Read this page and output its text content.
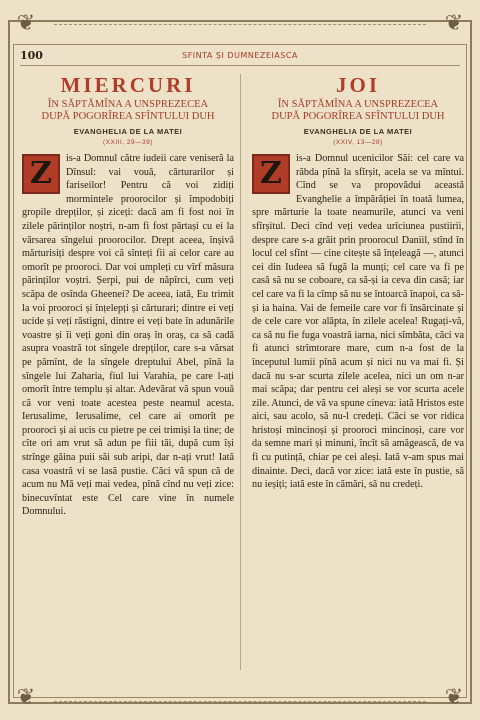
❦	❦
❦	❦
100	SFINTA ȘI DUMNEZEIASCA
MIERCURI
ÎN SĂPTĂMÎNA A UNSPREZECEA
DUPĂ POGORÎREA SFÎNTULUI DUH
EVANGHELIA DE LA MATEI
(XXIII, 29—39)

Z	is-a Domnul către iudeii care veniseră la Dînsul: vai vouă, cărturarilor și fariseilor! Pentru că voi zidiți mormintele proorocilor și împodobiți gropile drepților, și ziceți: dacă am fi fost noi în zilele părinților noștri, n-am fi fost părtași cu ei la vărsarea sîngelui proorocilor. Drept aceea, înșivă mărturisiți despre voi că sînteți fii ai celor care au omorît pe prooroci. Dar voi umpleți cu vîrf măsura părinților voștri. Șerpi, pui de năpîrci, cum veți scăpa de osînda Gheenei? De aceea, iată, Eu trimit la voi prooroci și înțelepți și cărturari; dintre ei veți ucide și veți răstigni, dintre ei veți bate în adunările voastre și îi veți goni din oraș în oraș, ca să cadă asupra voastră tot sîngele drepților, care s-a vărsat pe pămînt, de la sîngele dreptului Abel, pînă la sîngele lui Zaharia, fiul lui Varahia, pe care l-ați omorît între templu și altar. Adevărat vă spun vouă că vor veni toate acestea peste neamul acesta. Ierusalime, Ierusalime, cel care ai omorît pe prooroci și ai ucis cu pietre pe cei trimiși la tine; de cîte ori am vrut să adun pe fiii tăi, după cum își strînge găina puii săi sub aripi, dar n-ați vrut! Iată casa voastră vi se lasă pustie. Căci vă spun că de acum nu Mă veți mai vedea, pînă cînd nu veți zice: binecuvîntat este Cel care vine în numele Domnului.

JOI
ÎN SĂPTĂMÎNA A UNSPREZECEA
DUPĂ POGORÎREA SFÎNTULUI DUH
EVANGHELIA DE LA MATEI
(XXIV, 13—28)

Z	is-a Domnul ucenicilor Săi: cel care va răbda pînă la sfîrșit, acela se va mîntui. Cînd se va propovădui această Evanghelie a împărăției în toată lumea, spre mărturie la toate neamurile, atunci va veni sfîrșitul. Deci cînd veți vedea urîciunea pustiirii, despre care s-a grăit prin proorocul Daniil, stînd în locul cel sfînt — cine citește să înțeleagă —, atunci cei din Iudeea să fugă la munți; cel care va fi pe casă să nu se coboare, ca să-și ia ceva din casă; iar cel care va fi la cîmp să nu se întoarcă înapoi, ca să-și ia haina. Vai de femeile care vor fi însărcinate și de cele care vor alăpta, în zilele acelea! Rugați-vă, ca să nu fie fuga voastră iarna, nici sîmbăta, căci va fi atunci strîmtorare mare, cum n-a fost de la începutul lumii pînă acum și nici nu va mai fi. Și dacă nu s-ar scurta zilele acelea, nici un om n-ar mai scăpa; dar pentru cei aleși se vor scurta acele zile. Atunci, de vă va spune cineva: iată Hristos este aici, sau acolo, să nu-l credeți. Căci se vor ridica hristoși mincinoși și prooroci mincinoși, care vor da semne mari și minuni, încît să amăgească, de va fi cu putință, chiar pe cei aleși. Iată v-am spus mai dinainte. Deci, dacă vor zice: iată este în pustie, să nu ieșiți; iată este în cămări, să nu credeți.
